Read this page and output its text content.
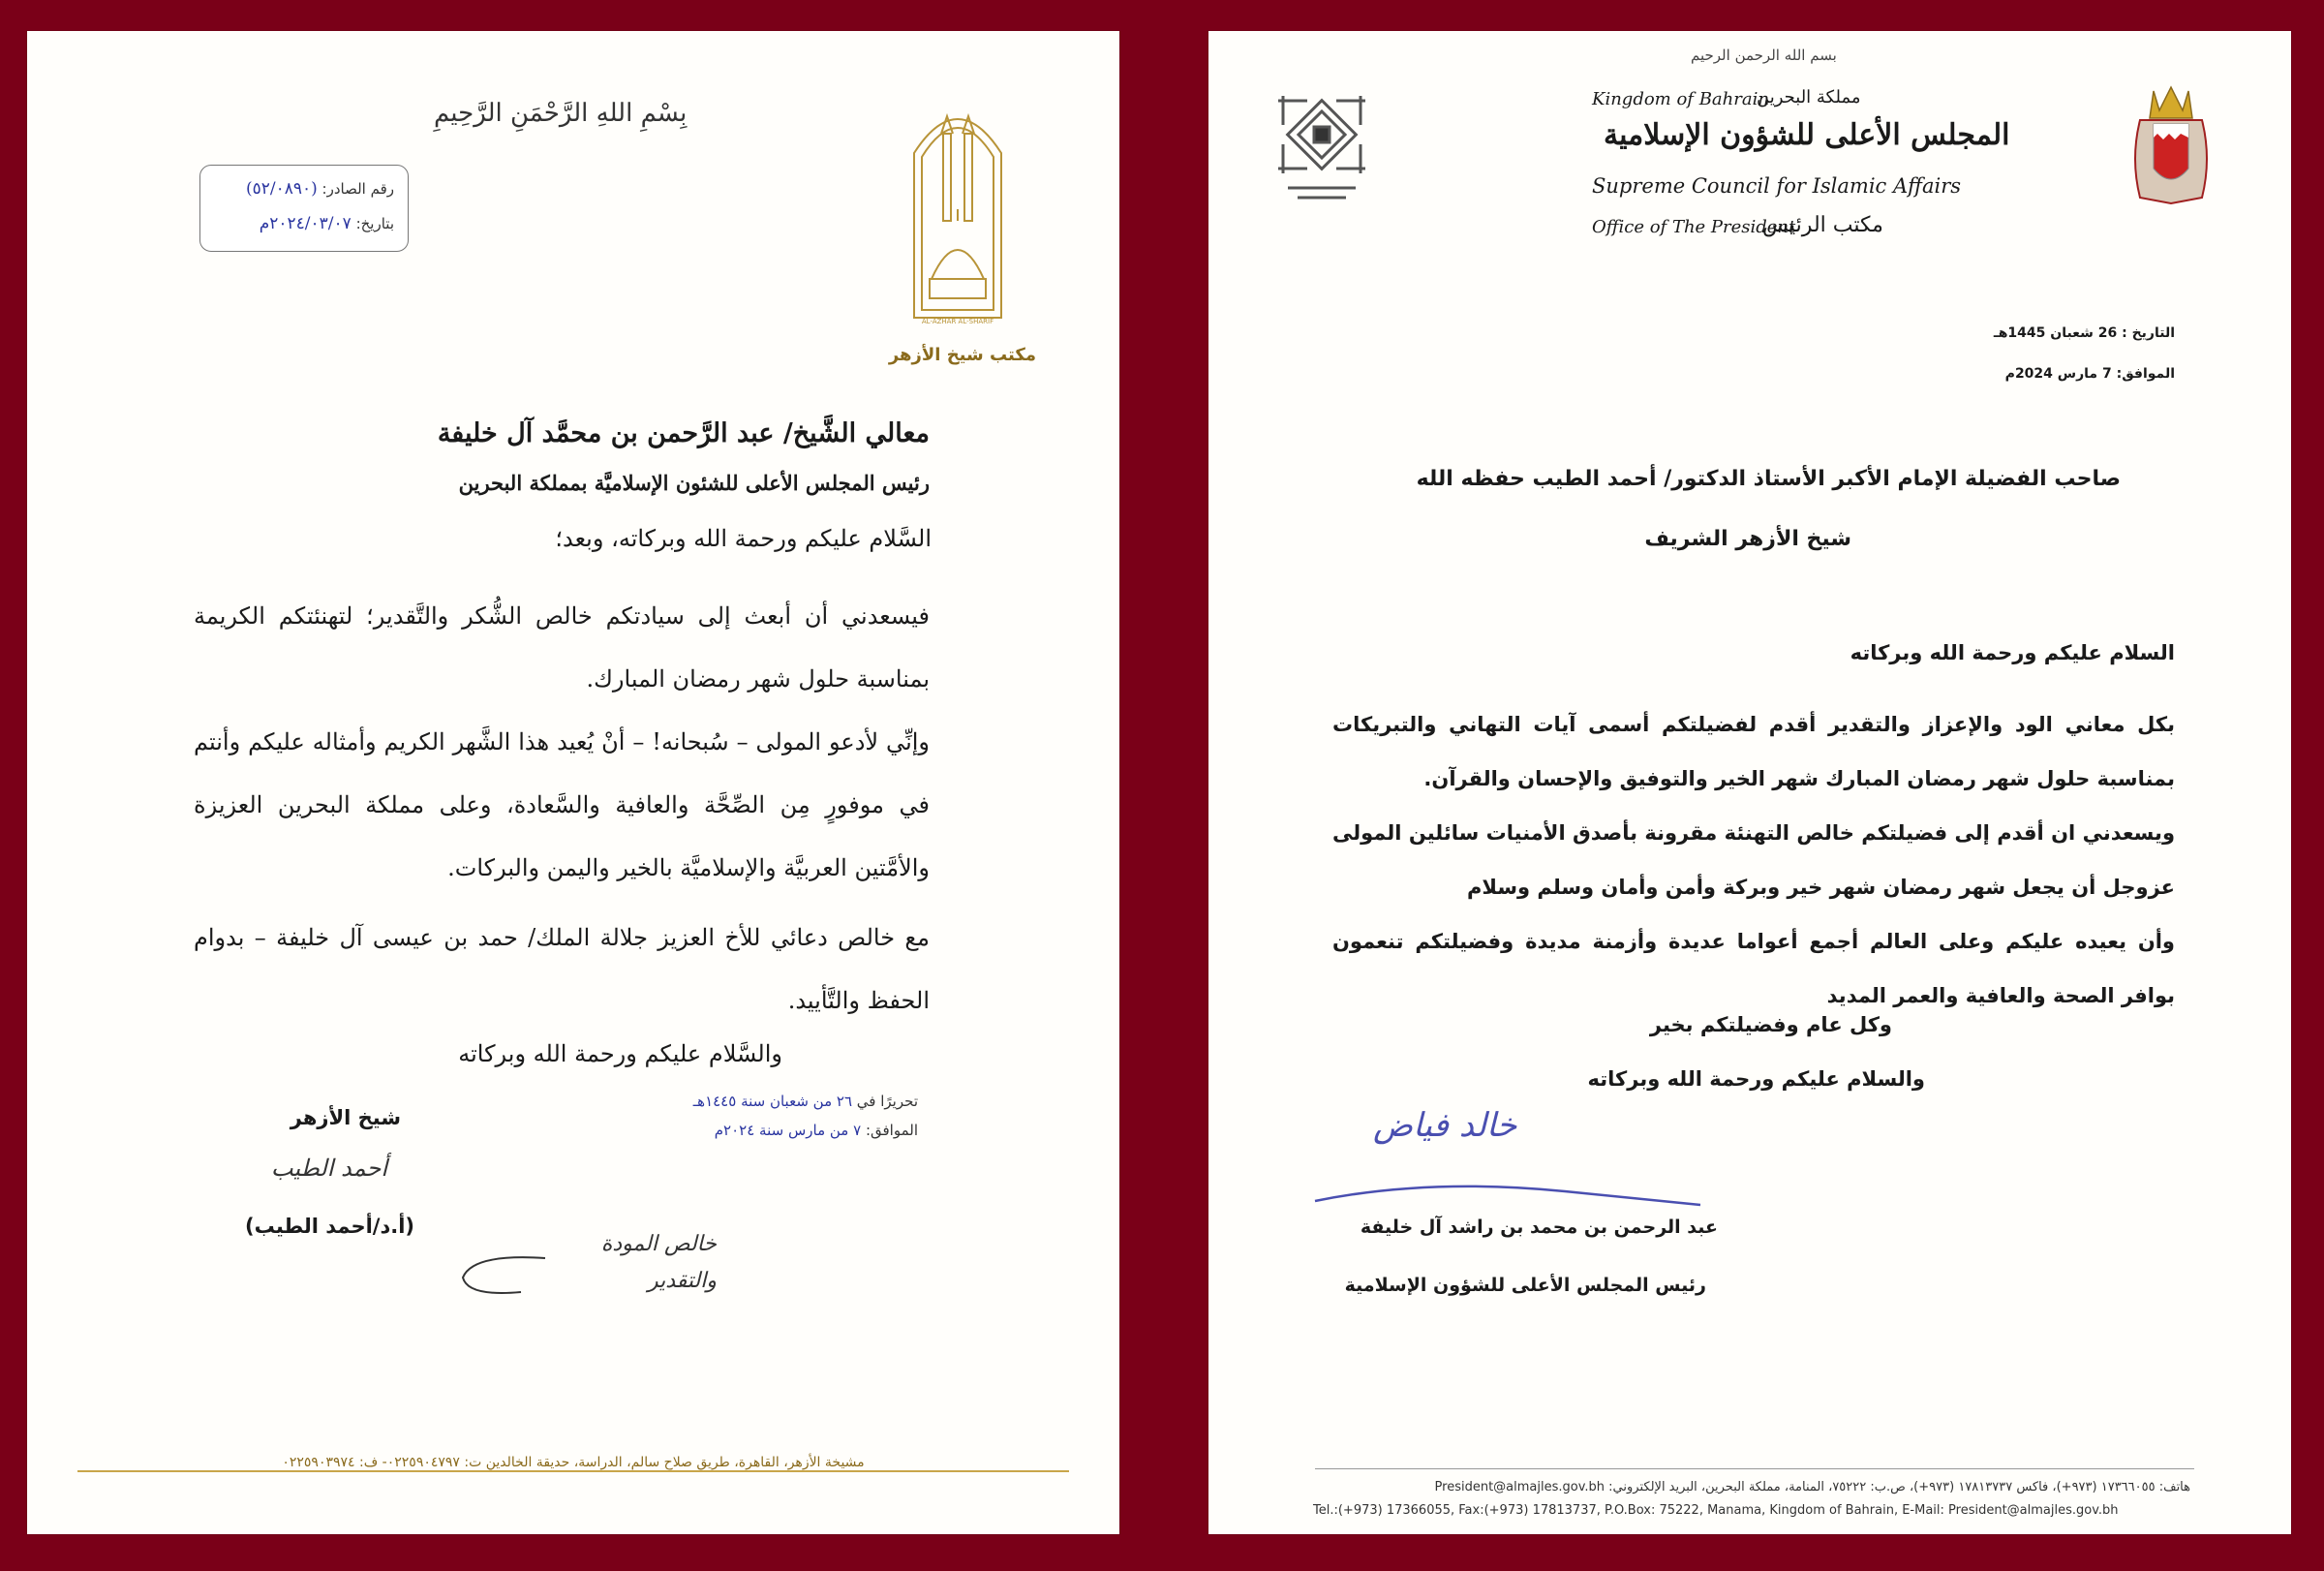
بِسْمِ اللهِ الرَّحْمَنِ الرَّحِيمِ
رقم الصادر: (٥٢/٠٨٩٠)
بتاريخ: ٢٠٢٤/٠٣/٠٧م
AL-AZHAR AL-SHARIF
مكتب شيخ الأزهر
معالي الشَّيخ/ عبد الرَّحمن بن محمَّد آل خليفة
رئيس المجلس الأعلى للشئون الإسلاميَّة بمملكة البحرين
السَّلام عليكم ورحمة الله وبركاته، وبعد؛
فيسعدني أن أبعث إلى سيادتكم خالص الشُّكر والتَّقدير؛ لتهنئتكم الكريمة بمناسبة حلول شهر رمضان المبارك.
وإنِّي لأدعو المولى – سُبحانه! – أنْ يُعيد هذا الشَّهر الكريم وأمثاله عليكم وأنتم في موفورٍ مِن الصِّحَّة والعافية والسَّعادة، وعلى مملكة البحرين العزيزة والأمَّتين العربيَّة والإسلاميَّة بالخير واليمن والبركات.
مع خالص دعائي للأخ العزيز جلالة الملك/ حمد بن عيسى آل خليفة – بدوام الحفظ والتَّأييد.
والسَّلام عليكم ورحمة الله وبركاته
تحريرًا في ٢٦ من شعبان سنة ١٤٤٥هـ
الموافق: ٧ من مارس سنة ٢٠٢٤م
شيخ الأزهر
أحمد الطيب
(أ.د/أحمد الطيب)
خالص المودة
والتقدير
مشيخة الأزهر، القاهرة، طريق صلاح سالم، الدراسة، حديقة الخالدين ت: ٠٢٢٥٩٠٤٧٩٧- ف: ٠٢٢٥٩٠٣٩٧٤
بسم الله الرحمن الرحيم
Kingdom of Bahrain
مملكة البحرين
المجلس الأعلى للشؤون الإسلامية
Supreme Council for Islamic Affairs
Office of The President
مكتب الرئيس
التاريخ : 26 شعبان 1445هـ
الموافق: 7 مارس 2024م
صاحب الفضيلة الإمام الأكبر الأستاذ الدكتور/ أحمد الطيب حفظه الله
شيخ الأزهر الشريف
السلام عليكم ورحمة الله وبركاته
بكل معاني الود والإعزاز والتقدير أقدم لفضيلتكم أسمى آيات التهاني والتبريكات بمناسبة حلول شهر رمضان المبارك شهر الخير والتوفيق والإحسان والقرآن.
ويسعدني ان أقدم إلى فضيلتكم خالص التهنئة مقرونة بأصدق الأمنيات سائلين المولى عزوجل أن يجعل شهر رمضان شهر خير وبركة وأمن وأمان وسلم وسلام
وأن يعيده عليكم وعلى العالم أجمع أعواما عديدة وأزمنة مديدة وفضيلتكم تنعمون بوافر الصحة والعافية والعمر المديد
وكل عام وفضيلتكم بخير
والسلام عليكم ورحمة الله وبركاته
خالد فياض
عبد الرحمن بن محمد بن راشد آل خليفة
رئيس المجلس الأعلى للشؤون الإسلامية
هاتف: ١٧٣٦٦٠٥٥ (٩٧٣+)، فاكس ١٧٨١٣٧٣٧ (٩٧٣+)، ص.ب: ٧٥٢٢٢، المنامة، مملكة البحرين، البريد الإلكتروني: President@almajles.gov.bh
Tel.:(+973) 17366055, Fax:(+973) 17813737, P.O.Box: 75222, Manama, Kingdom of Bahrain, E-Mail: President@almajles.gov.bh
